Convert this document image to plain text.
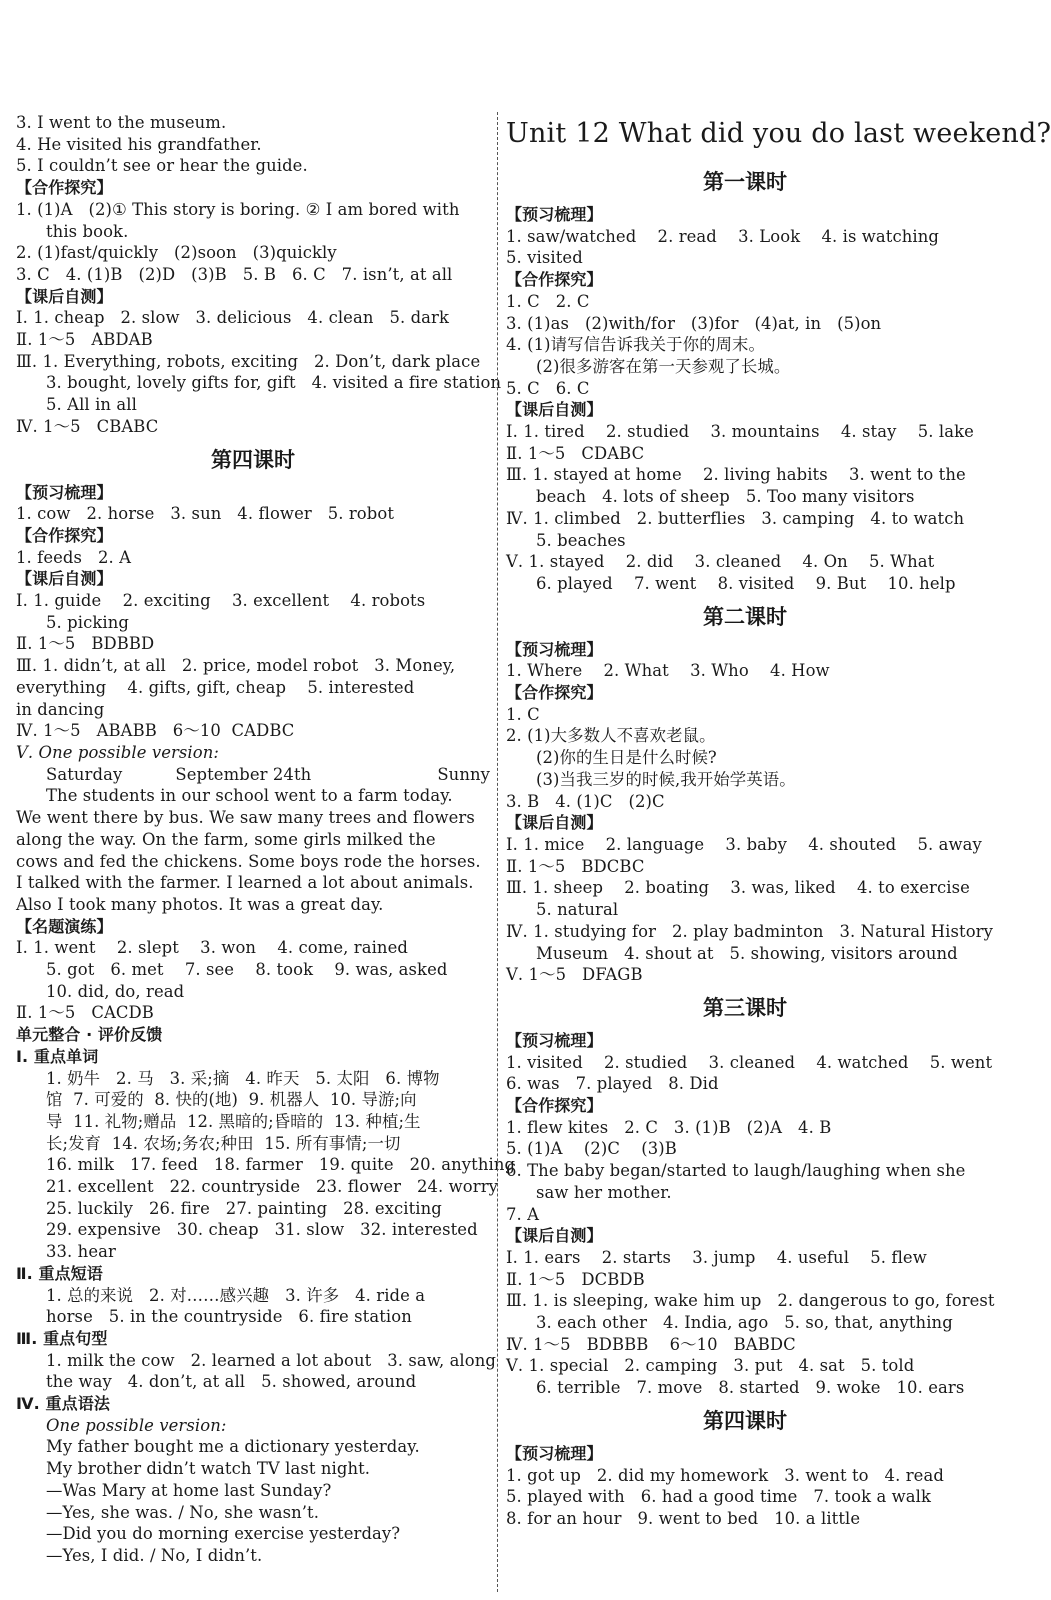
3. I went to the museum.
4. He visited his grandfather.
5. I couldn’t see or hear the guide.
【合作探究】
1. (1)A   (2)① This story is boring. ② I am bored with
this book.
2. (1)fast/quickly   (2)soon   (3)quickly
3. C   4. (1)B   (2)D   (3)B   5. B   6. C   7. isn’t, at all
【课后自测】
Ⅰ. 1. cheap   2. slow   3. delicious   4. clean   5. dark
Ⅱ. 1～5   ABDAB
Ⅲ. 1. Everything, robots, exciting   2. Don’t, dark place
3. bought, lovely gifts for, gift   4. visited a fire station
5. All in all
Ⅳ. 1～5   CBABC
第四课时
【预习梳理】
1. cow   2. horse   3. sun   4. flower   5. robot
【合作探究】
1. feeds   2. A
【课后自测】
Ⅰ. 1. guide    2. exciting    3. excellent    4. robots
5. picking
Ⅱ. 1～5   BDBBD
Ⅲ. 1. didn’t, at all   2. price, model robot   3. Money,
everything    4. gifts, gift, cheap    5. interested
in dancing
Ⅳ. 1～5   ABABB   6～10  CADBC
Ⅴ. One possible version:
Saturday          September 24th	Sunny
The students in our school went to a farm today.
We went there by bus. We saw many trees and flowers
along the way. On the farm, some girls milked the
cows and fed the chickens. Some boys rode the horses.
I talked with the farmer. I learned a lot about animals.
Also I took many photos. It was a great day.
【名题演练】
Ⅰ. 1. went    2. slept    3. won    4. come, rained
5. got   6. met    7. see    8. took    9. was, asked
10. did, do, read
Ⅱ. 1～5   CACDB
单元整合 · 评价反馈
Ⅰ. 重点单词
1. 奶牛   2. 马   3. 采;摘   4. 昨天   5. 太阳   6. 博物
馆  7. 可爱的  8. 快的(地)  9. 机器人  10. 导游;向
导  11. 礼物;赠品  12. 黑暗的;昏暗的  13. 种植;生
长;发育  14. 农场;务农;种田  15. 所有事情;一切
16. milk   17. feed   18. farmer   19. quite   20. anything
21. excellent   22. countryside   23. flower   24. worry
25. luckily   26. fire   27. painting   28. exciting
29. expensive   30. cheap   31. slow   32. interested
33. hear
Ⅱ. 重点短语
1. 总的来说   2. 对……感兴趣   3. 许多   4. ride a
horse   5. in the countryside   6. fire station
Ⅲ. 重点句型
1. milk the cow   2. learned a lot about   3. saw, along
the way   4. don’t, at all   5. showed, around
Ⅳ. 重点语法
One possible version:
My father bought me a dictionary yesterday.
My brother didn’t watch TV last night.
—Was Mary at home last Sunday?
—Yes, she was. / No, she wasn’t.
—Did you do morning exercise yesterday?
—Yes, I did. / No, I didn’t.
Unit 12 What did you do last weekend?
第一课时
【预习梳理】
1. saw/watched    2. read    3. Look    4. is watching
5. visited
【合作探究】
1. C   2. C
3. (1)as   (2)with/for   (3)for   (4)at, in   (5)on
4. (1)请写信告诉我关于你的周末。
(2)很多游客在第一天参观了长城。
5. C   6. C
【课后自测】
Ⅰ. 1. tired    2. studied    3. mountains    4. stay    5. lake
Ⅱ. 1～5   CDABC
Ⅲ. 1. stayed at home    2. living habits    3. went to the
beach   4. lots of sheep   5. Too many visitors
Ⅳ. 1. climbed   2. butterflies   3. camping   4. to watch
5. beaches
Ⅴ. 1. stayed    2. did    3. cleaned    4. On    5. What
6. played    7. went    8. visited    9. But    10. help
第二课时
【预习梳理】
1. Where    2. What    3. Who    4. How
【合作探究】
1. C
2. (1)大多数人不喜欢老鼠。
(2)你的生日是什么时候?
(3)当我三岁的时候,我开始学英语。
3. B   4. (1)C   (2)C
【课后自测】
Ⅰ. 1. mice    2. language    3. baby    4. shouted    5. away
Ⅱ. 1～5   BDCBC
Ⅲ. 1. sheep    2. boating    3. was, liked    4. to exercise
5. natural
Ⅳ. 1. studying for   2. play badminton   3. Natural History
Museum   4. shout at   5. showing, visitors around
Ⅴ. 1～5   DFAGB
第三课时
【预习梳理】
1. visited    2. studied    3. cleaned    4. watched    5. went
6. was   7. played   8. Did
【合作探究】
1. flew kites   2. C   3. (1)B   (2)A   4. B
5. (1)A    (2)C    (3)B
6. The baby began/started to laugh/laughing when she
saw her mother.
7. A
【课后自测】
Ⅰ. 1. ears    2. starts    3. jump    4. useful    5. flew
Ⅱ. 1～5   DCBDB
Ⅲ. 1. is sleeping, wake him up   2. dangerous to go, forest
3. each other   4. India, ago   5. so, that, anything
Ⅳ. 1～5   BDBBB    6～10   BABDC
Ⅴ. 1. special   2. camping   3. put   4. sat   5. told
6. terrible   7. move   8. started   9. woke   10. ears
第四课时
【预习梳理】
1. got up   2. did my homework   3. went to   4. read
5. played with   6. had a good time   7. took a walk
8. for an hour   9. went to bed   10. a little
